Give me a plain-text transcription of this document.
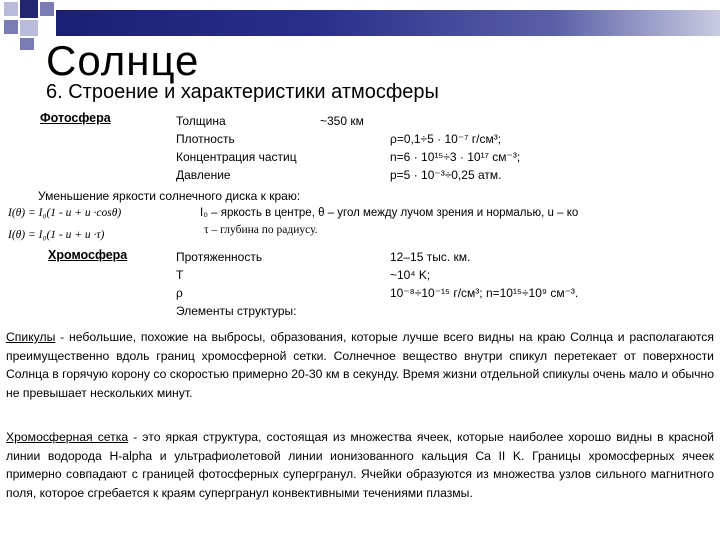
Солнце
6. Строение и характеристики атмосферы
Фотосфера	Толщина	~350 км
Плотность	ρ=0,1÷5 · 10⁻⁷ г/см³;
Концентрация частиц	n=6 · 10¹⁵÷3 · 10¹⁷ см⁻³;
Давление	p=5 · 10⁻³÷0,25 атм.
Уменьшение яркости солнечного диска к краю:
I(θ) = I₀(1 - u + u ·cosθ)	I₀ – яркость в центре, θ – угол между лучом зрения и нормалью, u – ко
I(θ) = I₀(1 - u + u ·τ)	τ – глубина по радиусу.
Хромосфера	Протяженность	12–15 тыс. км.
T	~10⁴ K;
ρ	10⁻⁸÷10⁻¹⁵ г/см³; n=10¹⁵÷10⁹ см⁻³.
Элементы структуры:
Спикулы - небольшие, похожие на выбросы, образования, которые лучше всего видны на краю Солнца и располагаются преимущественно вдоль границ хромосферной сетки. Солнечное вещество внутри спикул перетекает от поверхности Солнца в горячую корону со скоростью примерно 20-30 км в секунду. Время жизни отдельной спикулы очень мало и обычно не превышает нескольких минут.
Хромосферная сетка - это яркая структура, состоящая из множества ячеек, которые наиболее хорошо видны в красной линии водорода H-alpha и ультрафиолетовой линии ионизованного кальция Ca II K. Границы хромосферных ячеек примерно совпадают с границей фотосферных супергранул. Ячейки образуются из множества узлов сильного магнитного поля, которое сгребается к краям супергранул конвективными течениями плазмы.
